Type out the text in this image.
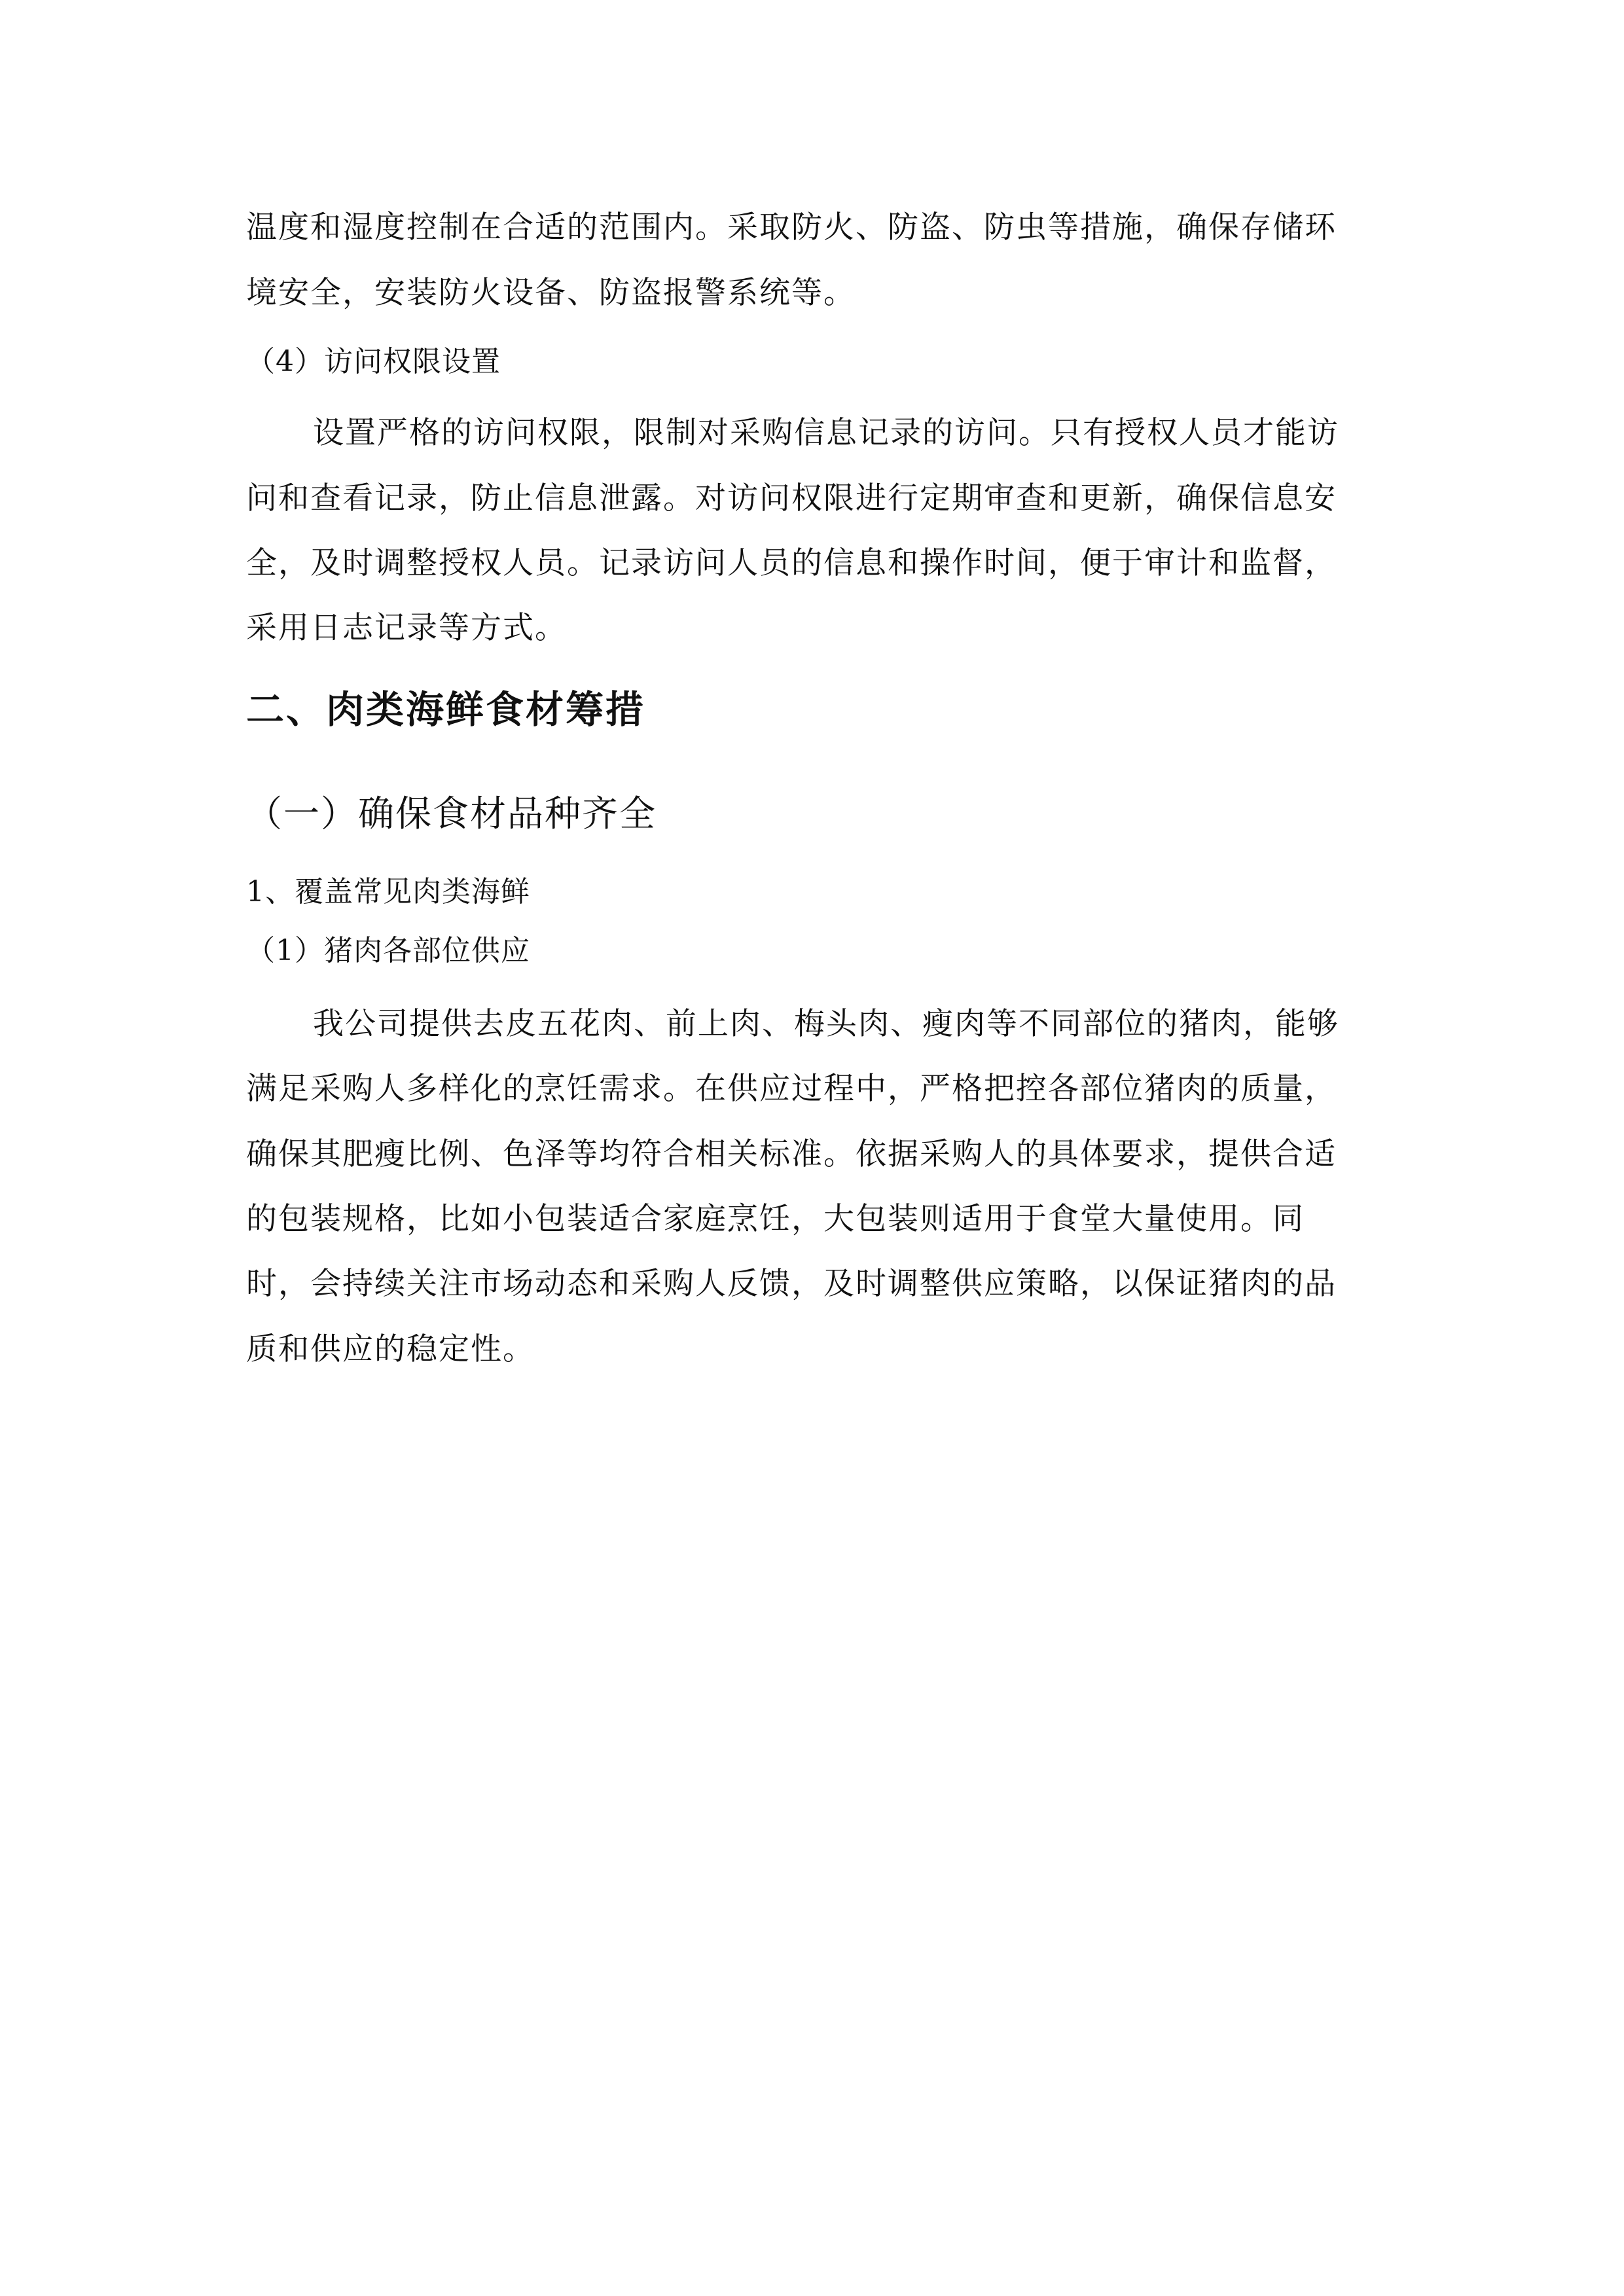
温度和湿度控制在合适的范围内。采取防火、防盗、防虫等措施，确保存储环
境安全，安装防火设备、防盗报警系统等。
（4）访问权限设置
设置严格的访问权限，限制对采购信息记录的访问。只有授权人员才能访
问和查看记录，防止信息泄露。对访问权限进行定期审查和更新，确保信息安
全，及时调整授权人员。记录访问人员的信息和操作时间，便于审计和监督，
采用日志记录等方式。
二、肉类海鲜食材筹措
（一）确保食材品种齐全
1、覆盖常见肉类海鲜
（1）猪肉各部位供应
我公司提供去皮五花肉、前上肉、梅头肉、瘦肉等不同部位的猪肉，能够
满足采购人多样化的烹饪需求。在供应过程中，严格把控各部位猪肉的质量，
确保其肥瘦比例、色泽等均符合相关标准。依据采购人的具体要求，提供合适
的包装规格，比如小包装适合家庭烹饪，大包装则适用于食堂大量使用。同
时，会持续关注市场动态和采购人反馈，及时调整供应策略，以保证猪肉的品
质和供应的稳定性。
